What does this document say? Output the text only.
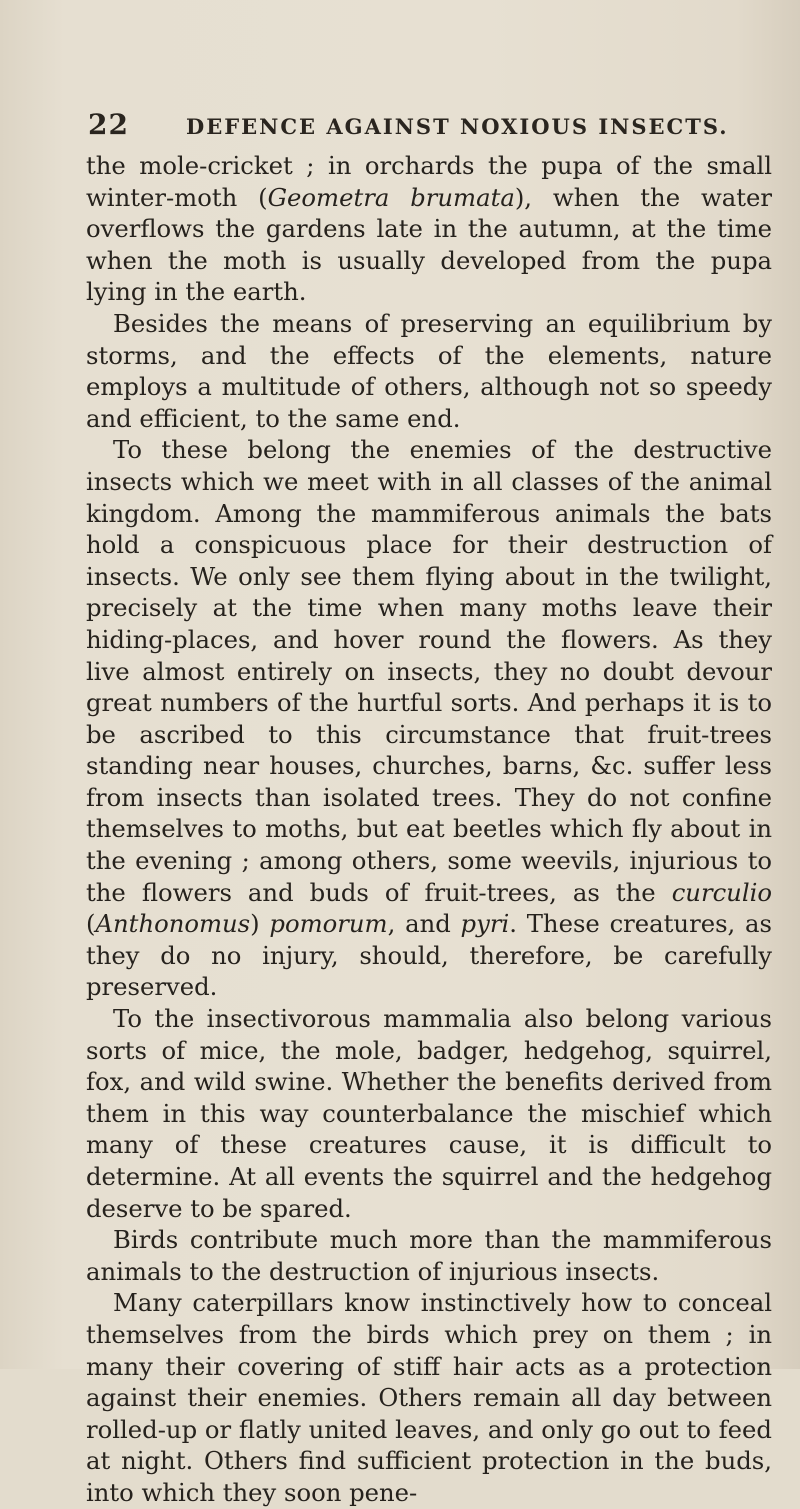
22	DEFENCE AGAINST NOXIOUS INSECTS.

the mole-cricket ; in orchards the pupa of the small winter-moth (Geometra brumata), when the water overflows the gardens late in the autumn, at the time when the moth is usually developed from the pupa lying in the earth.

Besides the means of preserving an equilibrium by storms, and the effects of the elements, nature employs a multitude of others, although not so speedy and efficient, to the same end.

To these belong the enemies of the destructive insects which we meet with in all classes of the animal kingdom. Among the mammiferous animals the bats hold a conspicuous place for their destruction of insects. We only see them flying about in the twilight, precisely at the time when many moths leave their hiding-places, and hover round the flowers. As they live almost entirely on insects, they no doubt devour great numbers of the hurtful sorts. And perhaps it is to be ascribed to this circumstance that fruit-trees standing near houses, churches, barns, &c. suffer less from insects than isolated trees. They do not confine themselves to moths, but eat beetles which fly about in the evening ; among others, some weevils, injurious to the flowers and buds of fruit-trees, as the curculio (Anthonomus) pomorum, and pyri. These creatures, as they do no injury, should, therefore, be carefully preserved.

To the insectivorous mammalia also belong various sorts of mice, the mole, badger, hedgehog, squirrel, fox, and wild swine. Whether the benefits derived from them in this way counterbalance the mischief which many of these creatures cause, it is difficult to determine. At all events the squirrel and the hedgehog deserve to be spared.

Birds contribute much more than the mammiferous animals to the destruction of injurious insects.

Many caterpillars know instinctively how to conceal themselves from the birds which prey on them ; in many their covering of stiff hair acts as a protection against their enemies. Others remain all day between rolled-up or flatly united leaves, and only go out to feed at night. Others find sufficient protection in the buds, into which they soon pene-
